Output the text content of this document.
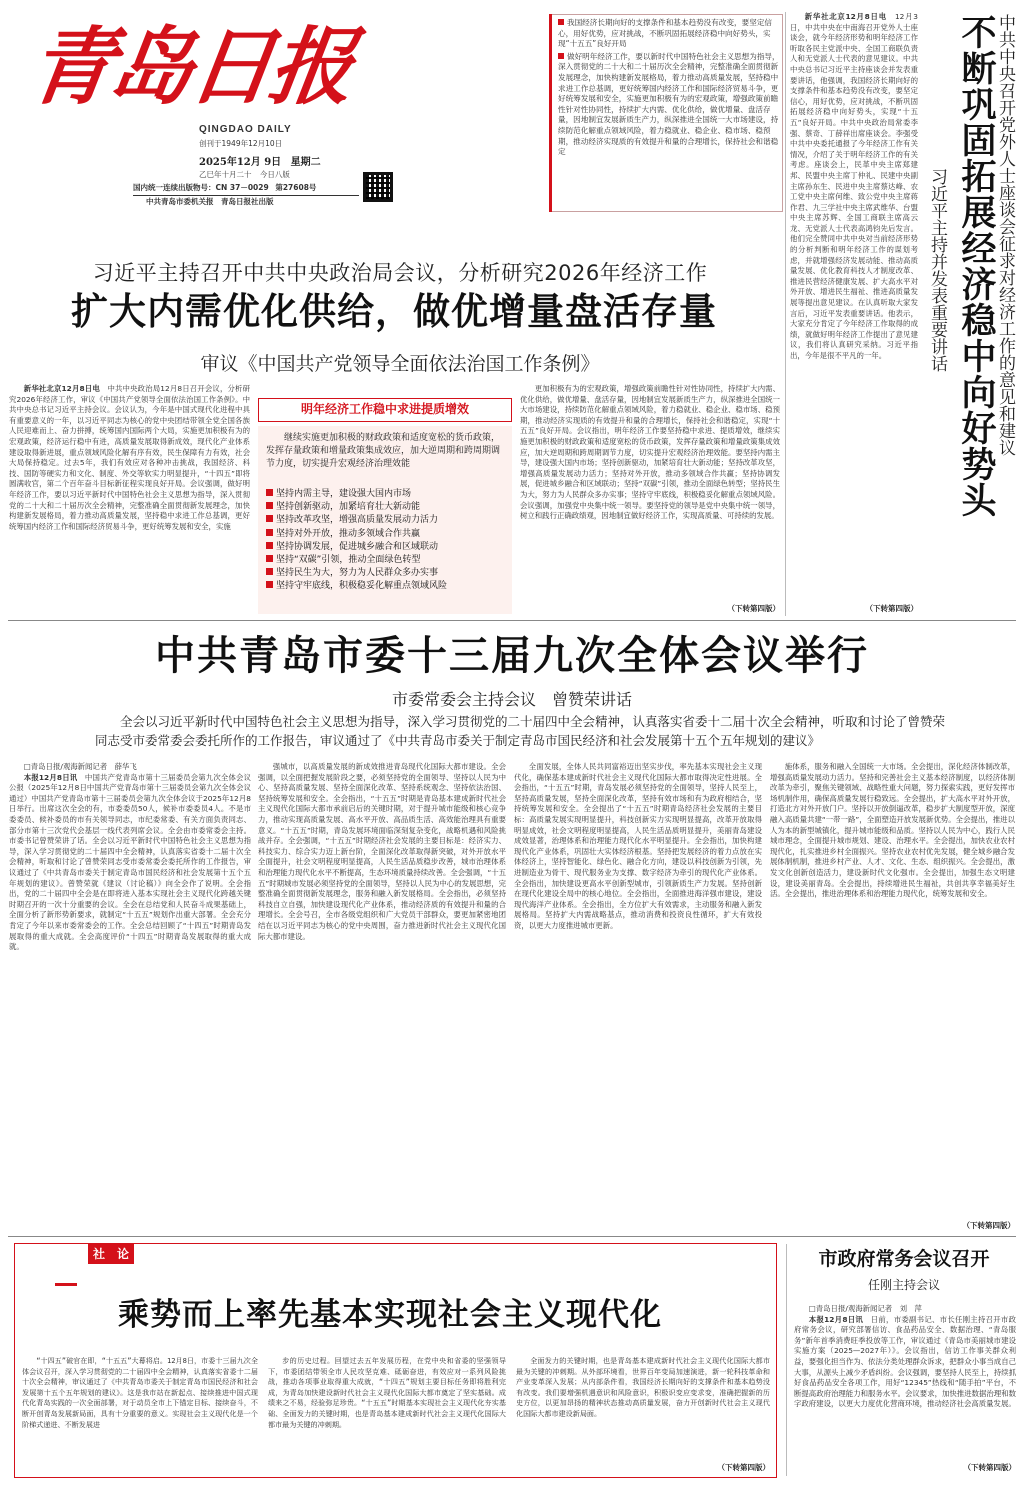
青岛日报
QINGDAO DAILY
创刊于1949年12月10日
2025年12月 9日 星期二
乙巳年十月二十 今日八版
国内统一连续出版物号：CN 37－0029 第27608号
中共青岛市委机关报　青岛日报社出版
我国经济长期向好的支撑条件和基本趋势没有改变，要坚定信心，用好优势，应对挑战，不断巩固拓展经济稳中向好势头，实现“十五五”良好开局
做好明年经济工作，要以新时代中国特色社会主义思想为指导，深入贯彻党的二十大和二十届历次全会精神，完整准确全面贯彻新发展理念，加快构建新发展格局，着力推动高质量发展，坚持稳中求进工作总基调，更好统筹国内经济工作和国际经济贸易斗争，更好统筹发展和安全，实施更加积极有为的宏观政策，增强政策前瞻性针对性协同性，持续扩大内需、优化供给，做优增量、盘活存量，因地制宜发展新质生产力，纵深推进全国统一大市场建设，持续防范化解重点领域风险，着力稳就业、稳企业、稳市场、稳预期，推动经济实现质的有效提升和量的合理增长，保持社会和谐稳定	不断巩固拓展经济稳中向好势头
中共中央召开党外人士座谈会征求对经济工作的意见和建议
习近平主持并发表重要讲话

新华社北京12月8日电　 12月3日，中共中央在中南海召开党外人士座谈会，就今年经济形势和明年经济工作听取各民主党派中央、全国工商联负责人和无党派人士代表的意见建议。中共中央总书记习近平主持座谈会并发表重要讲话，他强调，我国经济长期向好的支撑条件和基本趋势没有改变，要坚定信心，用好优势，应对挑战，不断巩固拓展经济稳中向好势头，实现“十五五”良好开局。中共中央政治局常委李强、蔡奇、丁薛祥出席座谈会。李强受中共中央委托通报了今年经济工作有关情况，介绍了关于明年经济工作的有关考虑。座谈会上，民革中央主席郑建邦、民盟中央主席丁仲礼、民建中央副主席孙东生、民进中央主席蔡达峰、农工党中央主席何维、致公党中央主席蒋作君、九三学社中央主席武维华、台盟中央主席苏辉、全国工商联主席高云龙、无党派人士代表高鸿钧先后发言。他们完全赞同中共中央对当前经济形势的分析判断和明年经济工作的谋划考虑，并就增强经济发展动能、推动高质量发展、优化教育科技人才制度改革、推进民营经济健康发展、扩大高水平对外开放、增进民生福祉、推进高质量发展等提出意见建议。在认真听取大家发言后，习近平发表重要讲话。他表示，大家充分肯定了今年经济工作取得的成绩，就做好明年经济工作提出了意见建议，我们将认真研究采纳。习近平指出，今年是很不平凡的一年。

（下转第四版）
习近平主持召开中共中央政治局会议，分析研究2026年经济工作
扩大内需优化供给，做优增量盘活存量
审议《中国共产党领导全面依法治国工作条例》

新华社北京12月8日电　 中共中央政治局12月8日召开会议，分析研究2026年经济工作，审议《中国共产党领导全面依法治国工作条例》。中共中央总书记习近平主持会议。会议认为，今年是中国式现代化进程中具有重要意义的一年，以习近平同志为核心的党中央团结带领全党全国各族人民迎难而上、奋力拼搏，统筹国内国际两个大局，实施更加积极有为的宏观政策，经济运行稳中有进，高质量发展取得新成效，现代化产业体系建设取得新进展，重点领域风险化解有序有效，民生保障有力有效，社会大局保持稳定。过去5年，我们有效应对各种冲击挑战，我国经济、科技、国防等硬实力和文化、制度、外交等软实力明显提升，“十四五”即将圆满收官，第二个百年奋斗目标新征程实现良好开局。会议强调，做好明年经济工作，要以习近平新时代中国特色社会主义思想为指导，深入贯彻党的二十大和二十届历次全会精神，完整准确全面贯彻新发展理念，加快构建新发展格局，着力推动高质量发展，坚持稳中求进工作总基调，更好统筹国内经济工作和国际经济贸易斗争，更好统筹发展和安全，实施

明年经济工作稳中求进提质增效
继续实施更加积极的财政政策和适度宽松的货币政策，发挥存量政策和增量政策集成效应，加大逆周期和跨周期调节力度，切实提升宏观经济治理效能
坚持内需主导，建设强大国内市场
坚持创新驱动，加紧培育壮大新动能
坚持改革攻坚，增强高质量发展动力活力
坚持对外开放，推动多领域合作共赢
坚持协调发展，促进城乡融合和区域联动
坚持“双碳”引领，推动全面绿色转型
坚持民生为大，努力为人民群众多办实事
坚持守牢底线，积极稳妥化解重点领域风险

更加积极有为的宏观政策，增强政策前瞻性针对性协同性，持续扩大内需、优化供给，做优增量、盘活存量，因地制宜发展新质生产力，纵深推进全国统一大市场建设，持续防范化解重点领域风险，着力稳就业、稳企业、稳市场、稳预期，推动经济实现质的有效提升和量的合理增长，保持社会和谐稳定，实现“十五五”良好开局。会议指出，明年经济工作要坚持稳中求进、提质增效，继续实施更加积极的财政政策和适度宽松的货币政策，发挥存量政策和增量政策集成效应，加大逆周期和跨周期调节力度，切实提升宏观经济治理效能。要坚持内需主导，建设强大国内市场；坚持创新驱动，加紧培育壮大新动能；坚持改革攻坚，增强高质量发展动力活力；坚持对外开放，推动多领域合作共赢；坚持协调发展，促进城乡融合和区域联动；坚持“双碳”引领，推动全面绿色转型；坚持民生为大，努力为人民群众多办实事；坚持守牢底线，积极稳妥化解重点领域风险。会议强调，加强党中央集中统一领导。要坚持党的领导是党中央集中统一领导，树立和践行正确政绩观，因地制宜做好经济工作，实现高质量、可持续的发展。

（下转第四版）
中共青岛市委十三届九次全体会议举行
市委常委会主持会议　曾赞荣讲话
全会以习近平新时代中国特色社会主义思想为指导，深入学习贯彻党的二十届四中全会精神，认真落实省委十二届十次全会精神，听取和讨论了曾赞荣同志受市委常委会委托所作的工作报告，审议通过了《中共青岛市委关于制定青岛市国民经济和社会发展第十五个五年规划的建议》
□青岛日报/观海新闻记者　薛华飞

本报12月8日讯　 中国共产党青岛市第十三届委员会第九次全体会议公报（2025年12月8日中国共产党青岛市第十三届委员会第九次全体会议通过）中国共产党青岛市第十三届委员会第九次全体会议于2025年12月8日举行。出席这次全会的有，市委委员50人，候补市委委员4人。不是市委委员、候补委员的市有关领导同志，市纪委常委、有关方面负责同志、部分市第十三次党代会基层一线代表列席会议。全会由市委常委会主持。市委书记曾赞荣讲了话。全会以习近平新时代中国特色社会主义思想为指导，深入学习贯彻党的二十届四中全会精神，认真落实省委十二届十次全会精神，听取和讨论了曾赞荣同志受市委常委会委托所作的工作报告，审议通过了《中共青岛市委关于制定青岛市国民经济和社会发展第十五个五年规划的建议》。曾赞荣就《建议（讨论稿）》向全会作了说明。全会指出，党的二十届四中全会是在即将进入基本实现社会主义现代化跨越关键时期召开的一次十分重要的会议。全会在总结党和人民奋斗成果基础上，全面分析了新形势新要求，就制定“十五五”规划作出重大部署。全会充分肯定了今年以来市委常委会的工作。全会总结回顾了“十四五”时期青岛发展取得的重大成就。全会高度评价“十四五”时期青岛发展取得的重大成就。

强城市，以高质量发展的新成效推进青岛现代化国际大都市建设。全会强调，以全面把握发展阶段之要，必须坚持党的全面领导、坚持以人民为中心、坚持高质量发展、坚持全面深化改革、坚持系统观念、坚持依法治国、坚持统筹发展和安全。全会指出，“十五五”时期是青岛基本建成新时代社会主义现代化国际大都市承前启后的关键时期，对于提升城市能级和核心竞争力，推动实现高质量发展、高水平开放、高品质生活、高效能治理具有重要意义。“十五五”时期，青岛发展环境面临深刻复杂变化，战略机遇和风险挑战并存。全会强调，“十五五”时期经济社会发展的主要目标是：经济实力、科技实力、综合实力迈上新台阶，全面深化改革取得新突破，对外开放水平全面提升，社会文明程度明显提高，人民生活品质稳步改善，城市治理体系和治理能力现代化水平不断提高，生态环境质量持续改善。全会强调，“十五五”时期城市发展必须坚持党的全面领导，坚持以人民为中心的发展思想，完整准确全面贯彻新发展理念，服务和融入新发展格局。全会指出，必须坚持科技自立自强，加快建设现代化产业体系，推动经济质的有效提升和量的合理增长。全会号召，全市各级党组织和广大党员干部群众，要更加紧密地团结在以习近平同志为核心的党中央周围，奋力推进新时代社会主义现代化国际大都市建设。

全面发展，全体人民共同富裕迈出坚实步伐，率先基本实现社会主义现代化，确保基本建成新时代社会主义现代化国际大都市取得决定性进展。全会指出，“十五五”时期，青岛发展必须坚持党的全面领导，坚持人民至上，坚持高质量发展，坚持全面深化改革，坚持有效市场和有为政府相结合，坚持统筹发展和安全。全会提出了“十五五”时期青岛经济社会发展的主要目标：高质量发展实现明显提升，科技创新实力实现明显提高，改革开放取得明显成效，社会文明程度明显提高，人民生活品质明显提升，美丽青岛建设成效显著，治理体系和治理能力现代化水平明显提升。全会指出，加快构建现代化产业体系，巩固壮大实体经济根基。坚持把发展经济的着力点放在实体经济上，坚持智能化、绿色化、融合化方向，建设以科技创新为引领，先进制造业为骨干、现代服务业为支撑、数字经济为牵引的现代化产业体系。全会指出，加快建设更高水平创新型城市，引领新质生产力发展。坚持创新在现代化建设全局中的核心地位。全会指出，全面推进海洋强市建设，建设现代海洋产业体系。全会指出，全方位扩大有效需求，主动服务和融入新发展格局。坚持扩大内需战略基点，推动消费和投资良性循环，扩大有效投资，以更大力度推进城市更新。

施体系，服务和融入全国统一大市场。全会提出，深化经济体制改革，增强高质量发展动力活力。坚持和完善社会主义基本经济制度，以经济体制改革为牵引，聚焦关键领域、战略性重大问题，努力探索实践，更好发挥市场机制作用，确保高质量发展行稳致远。全会提出，扩大高水平对外开放，打造北方对外开放门户。坚持以开放倒逼改革，稳步扩大制度型开放，深度融入高质量共建“一带一路”，全面塑造开放发展新优势。全会提出，推进以人为本的新型城镇化，提升城市能级和品质。坚持以人民为中心，践行人民城市理念，全面提升城市规划、建设、治理水平。全会提出，加快农业农村现代化，扎实推进乡村全面振兴。坚持农业农村优先发展，健全城乡融合发展体制机制，推进乡村产业、人才、文化、生态、组织振兴。全会提出，激发文化创新创造活力，建设新时代文化强市。全会提出，加强生态文明建设，建设美丽青岛。全会提出，持续增进民生福祉，共创共享幸福美好生活。全会提出，推进治理体系和治理能力现代化，统筹发展和安全。

（下转第四版）
社　论
乘势而上率先基本实现社会主义现代化

“十四五”破官在即，“十五五”大幕将启。12月8日，市委十三届九次全体会议召开，深入学习贯彻党的二十届四中全会精神，认真落实省委十二届十次全会精神，审议通过了《中共青岛市委关于制定青岛市国民经济和社会发展第十五个五年规划的建议》。这是我市站在新起点、接续推进中国式现代化青岛实践的一次全面部署，对于动员全市上下锚定目标、接续奋斗，不断开创青岛发展新局面，具有十分重要的意义。实现社会主义现代化是一个阶梯式递进、不断发展进

步的历史过程。回望过去五年发展历程，在党中央和省委的坚强领导下，市委团结带领全市人民攻坚克难、砥砺奋进，有效应对一系列风险挑战，推动各项事业取得重大成就，“十四五”规划主要目标任务即将胜利完成，为青岛加快建设新时代社会主义现代化国际大都市奠定了坚实基础。成绩来之不易，经验弥足珍贵。“十五五”时期基本实现社会主义现代化夯实基础、全面发力的关键时期，也是青岛基本建成新时代社会主义现代化国际大都市最为关键的冲刺期。

全面发力的关键时期，也是青岛基本建成新时代社会主义现代化国际大都市最为关键的冲刺期。从外部环境看，世界百年变局加速演进，新一轮科技革命和产业变革深入发展；从内部条件看，我国经济长期向好的支撑条件和基本趋势没有改变。我们要增强机遇意识和风险意识，积极识变应变求变，准确把握新的历史方位，以更加昂扬的精神状态推动高质量发展，奋力开创新时代社会主义现代化国际大都市建设新局面。

（下转第四版）
市政府常务会议召开
任刚主持会议
□青岛日报/观海新闻记者　刘　萍

本报12月8日讯　 日前，市委副书记、市长任刚主持召开市政府常务会议，研究部署信访、食品药品安全、数据治理、“青岛服务”新年首季消费旺季投放等工作，审议通过《青岛市美丽城市建设实施方案（2025—2027年）》。会议指出，信访工作事关群众利益，要强化担当作为、依法分类处理群众诉求，把群众小事当成自己大事，从源头上减少矛盾纠纷。会议强调，要坚持人民至上，持续抓好食品药品安全各项工作，用好“12345”热线和“随手拍”平台，不断提高政府治理能力和服务水平。会议要求，加快推进数据治理和数字政府建设，以更大力度优化营商环境，推动经济社会高质量发展。

（下转第四版）
